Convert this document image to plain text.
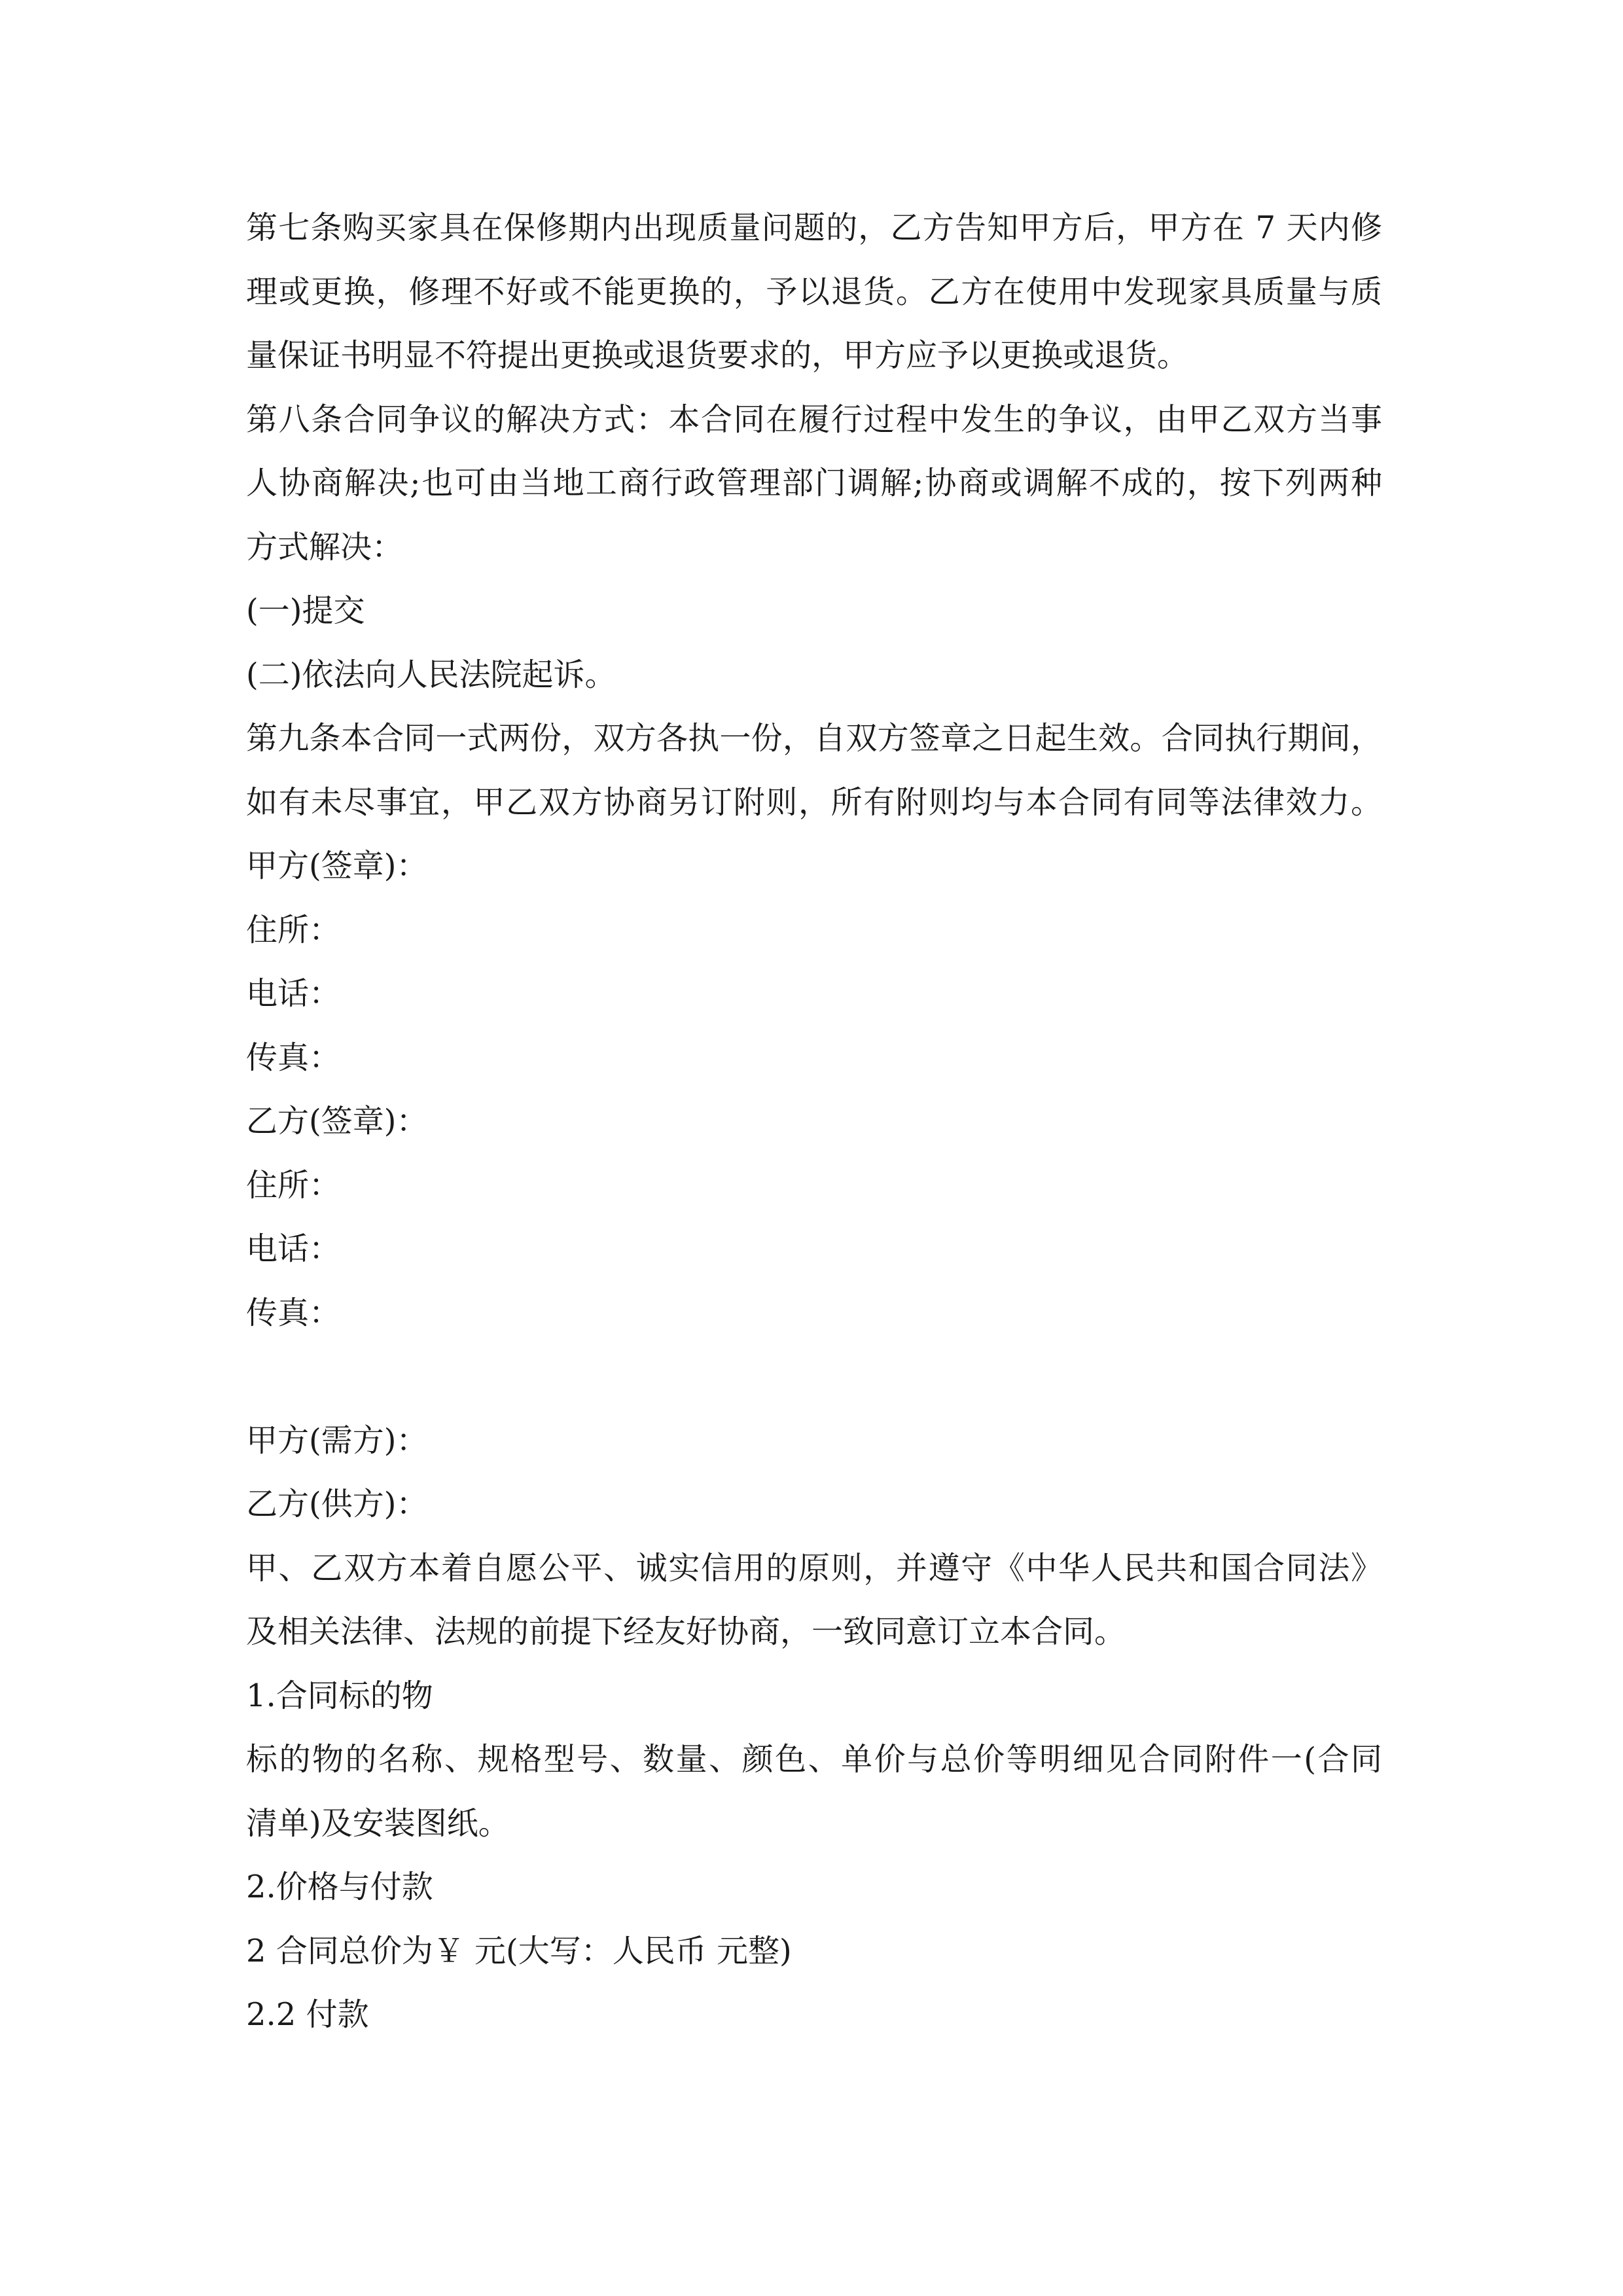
第七条购买家具在保修期内出现质量问题的，乙方告知甲方后，甲方在 7 天内修
理或更换，修理不好或不能更换的，予以退货。乙方在使用中发现家具质量与质
量保证书明显不符提出更换或退货要求的，甲方应予以更换或退货。
第八条合同争议的解决方式：本合同在履行过程中发生的争议，由甲乙双方当事
人协商解决;也可由当地工商行政管理部门调解;协商或调解不成的，按下列两种
方式解决：
(一)提交
(二)依法向人民法院起诉。
第九条本合同一式两份，双方各执一份，自双方签章之日起生效。合同执行期间，
如有未尽事宜，甲乙双方协商另订附则，所有附则均与本合同有同等法律效力。
甲方(签章)：
住所：
电话：
传真：
乙方(签章)：
住所：
电话：
传真：
甲方(需方)：
乙方(供方)：
甲、乙双方本着自愿公平、诚实信用的原则，并遵守《中华人民共和国合同法》
及相关法律、法规的前提下经友好协商，一致同意订立本合同。
1.合同标的物
标的物的名称、规格型号、数量、颜色、单价与总价等明细见合同附件一(合同
清单)及安装图纸。
2.价格与付款
2 合同总价为￥ 元(大写：人民币 元整)
2.2 付款
